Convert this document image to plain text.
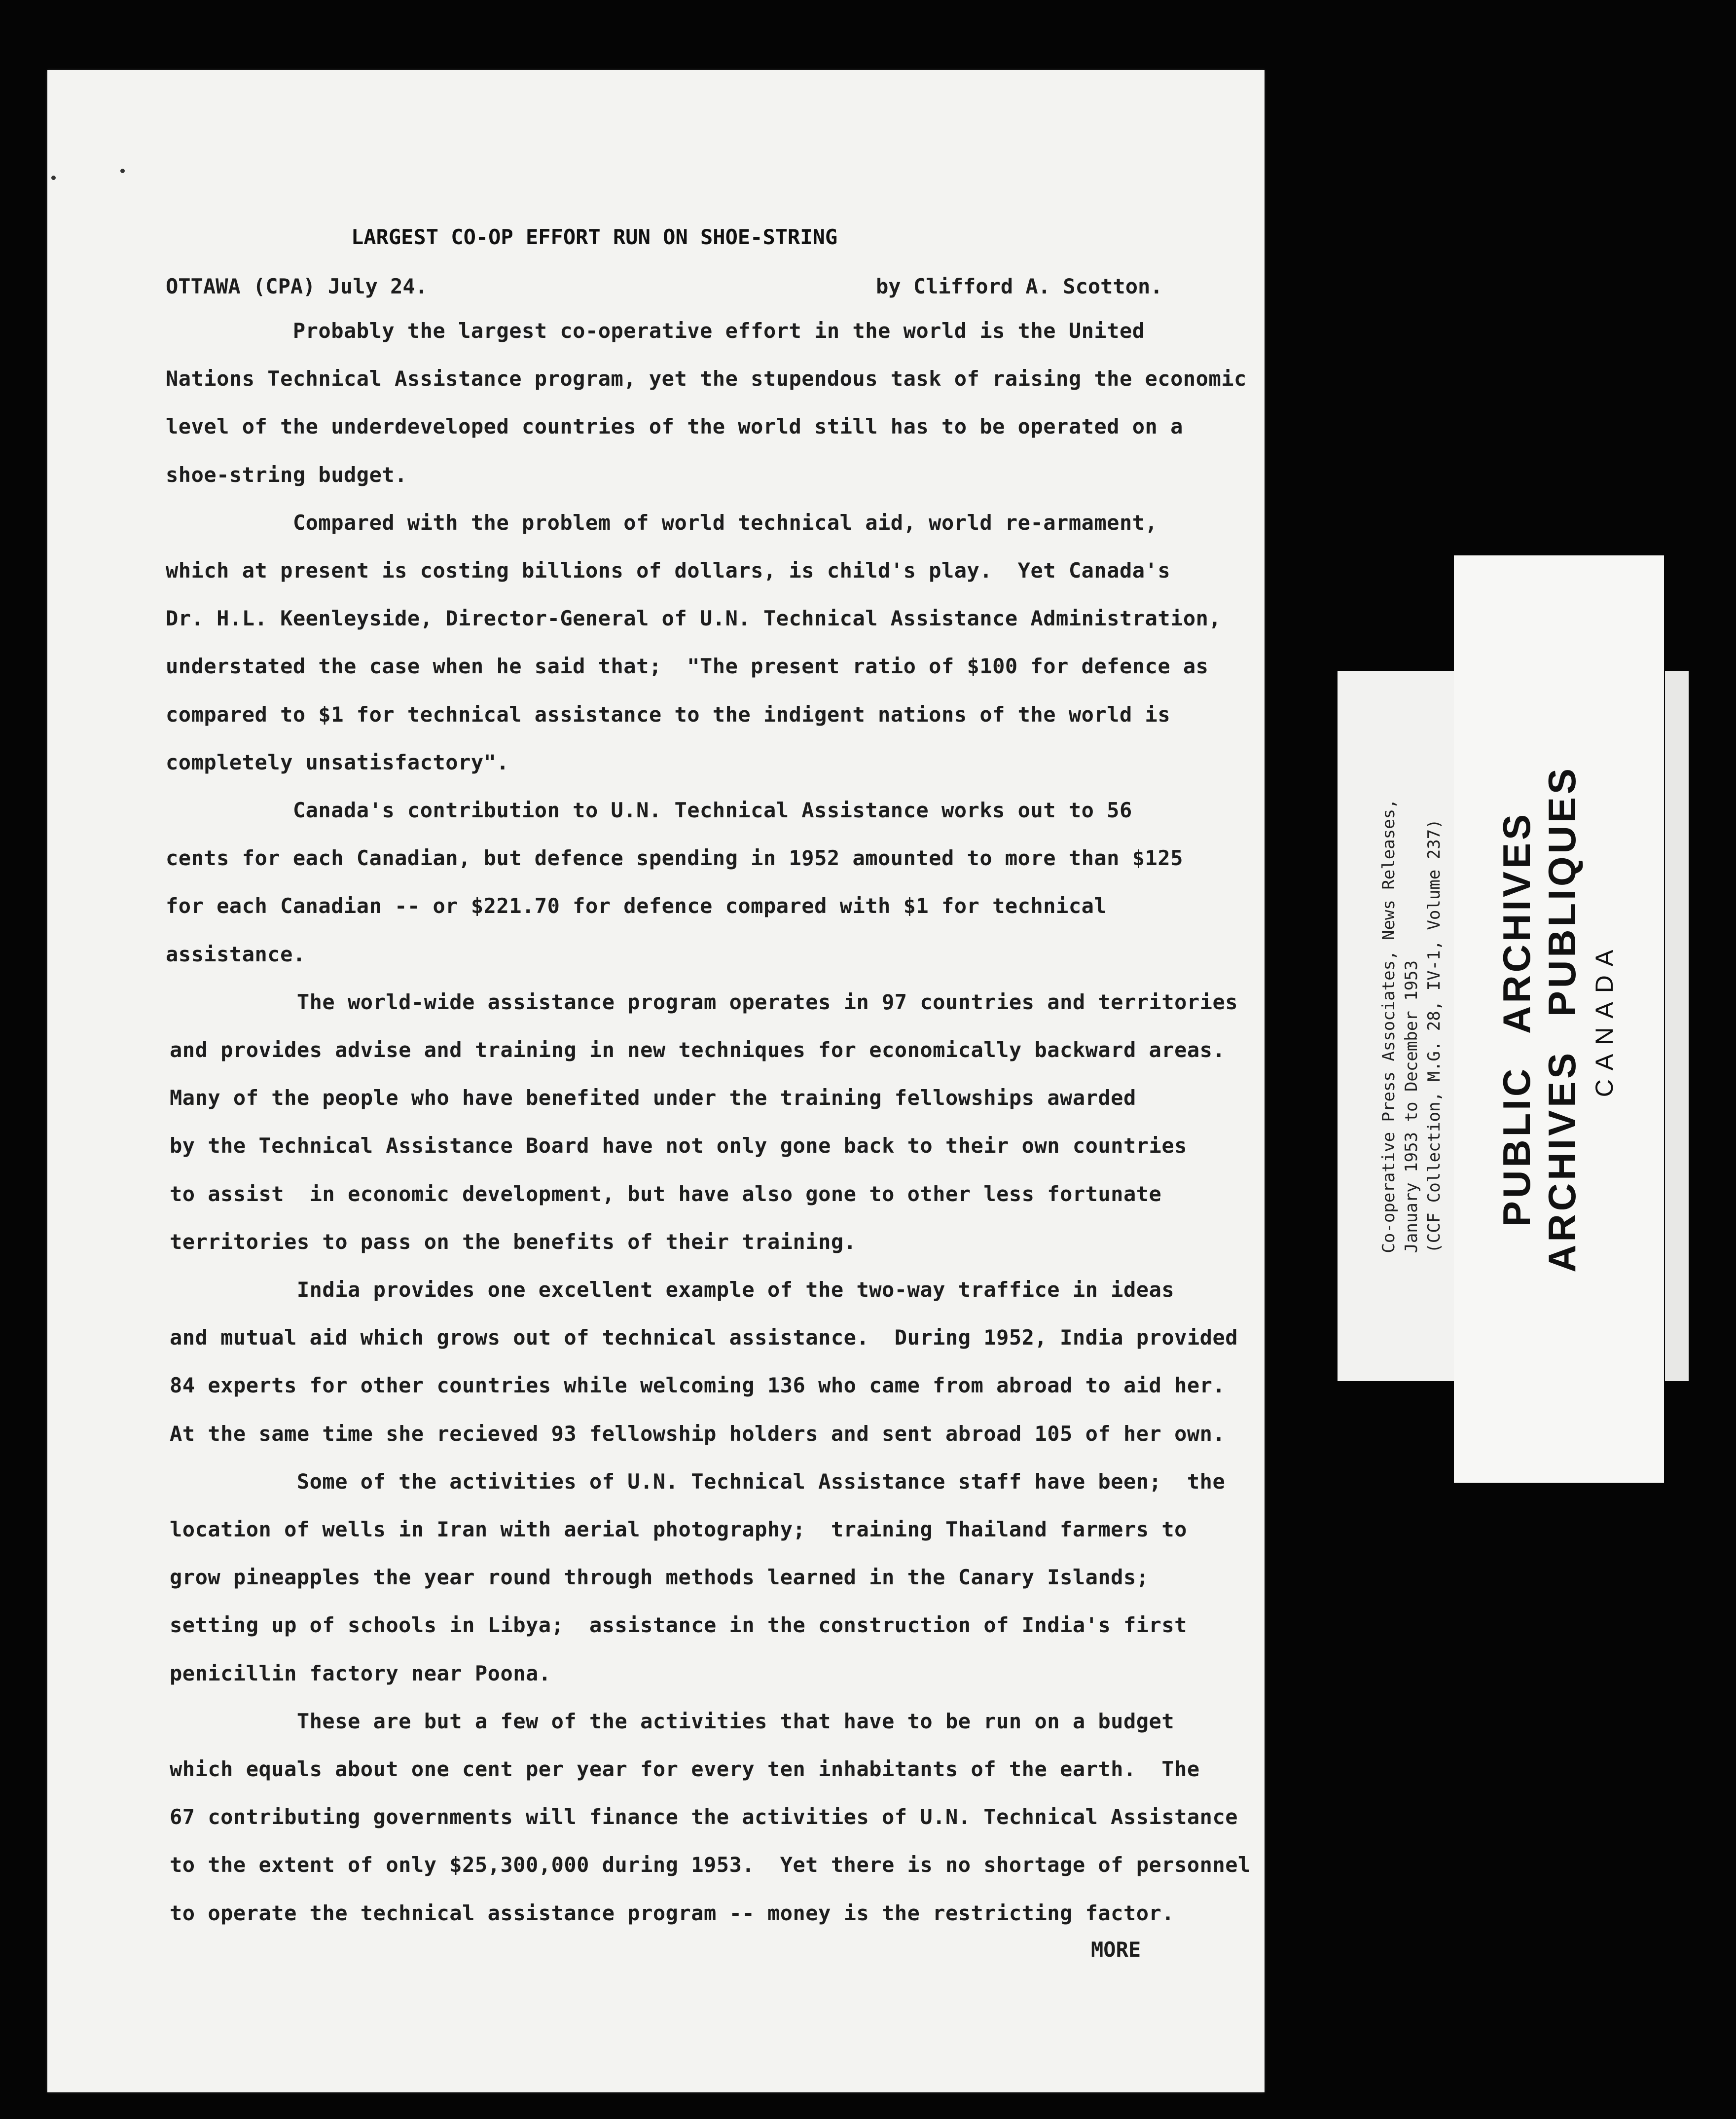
LARGEST CO-OP EFFORT RUN ON SHOE-STRING
OTTAWA (CPA) July 24.	by Clifford A. Scotton.
Probably the largest co-operative effort in the world is the United
Nations Technical Assistance program, yet the stupendous task of raising the economic
level of the underdeveloped countries of the world still has to be operated on a
shoe-string budget.
Compared with the problem of world technical aid, world re-armament,
which at present is costing billions of dollars, is child's play.  Yet Canada's
Dr. H.L. Keenleyside, Director-General of U.N. Technical Assistance Administration,
understated the case when he said that;  "The present ratio of $100 for defence as
compared to $1 for technical assistance to the indigent nations of the world is
completely unsatisfactory".
Canada's contribution to U.N. Technical Assistance works out to 56
cents for each Canadian, but defence spending in 1952 amounted to more than $125
for each Canadian -- or $221.70 for defence compared with $1 for technical
assistance.
The world-wide assistance program operates in 97 countries and territories
and provides advise and training in new techniques for economically backward areas.
Many of the people who have benefited under the training fellowships awarded
by the Technical Assistance Board have not only gone back to their own countries
to assist  in economic development, but have also gone to other less fortunate
territories to pass on the benefits of their training.
India provides one excellent example of the two-way traffice in ideas
and mutual aid which grows out of technical assistance.  During 1952, India provided
84 experts for other countries while welcoming 136 who came from abroad to aid her.
At the same time she recieved 93 fellowship holders and sent abroad 105 of her own.
Some of the activities of U.N. Technical Assistance staff have been;  the
location of wells in Iran with aerial photography;  training Thailand farmers to
grow pineapples the year round through methods learned in the Canary Islands;
setting up of schools in Libya;  assistance in the construction of India's first
penicillin factory near Poona.
These are but a few of the activities that have to be run on a budget
which equals about one cent per year for every ten inhabitants of the earth.  The
67 contributing governments will finance the activities of U.N. Technical Assistance
to the extent of only $25,300,000 during 1953.  Yet there is no shortage of personnel
to operate the technical assistance program -- money is the restricting factor.
MORE
Co-operative Press Associates, News Releases, January 1953 to December 1953 (CCF Collection, M.G. 28, IV-1, Volume 237) PUBLIC ARCHIVES ARCHIVES PUBLIQUES CANADA
